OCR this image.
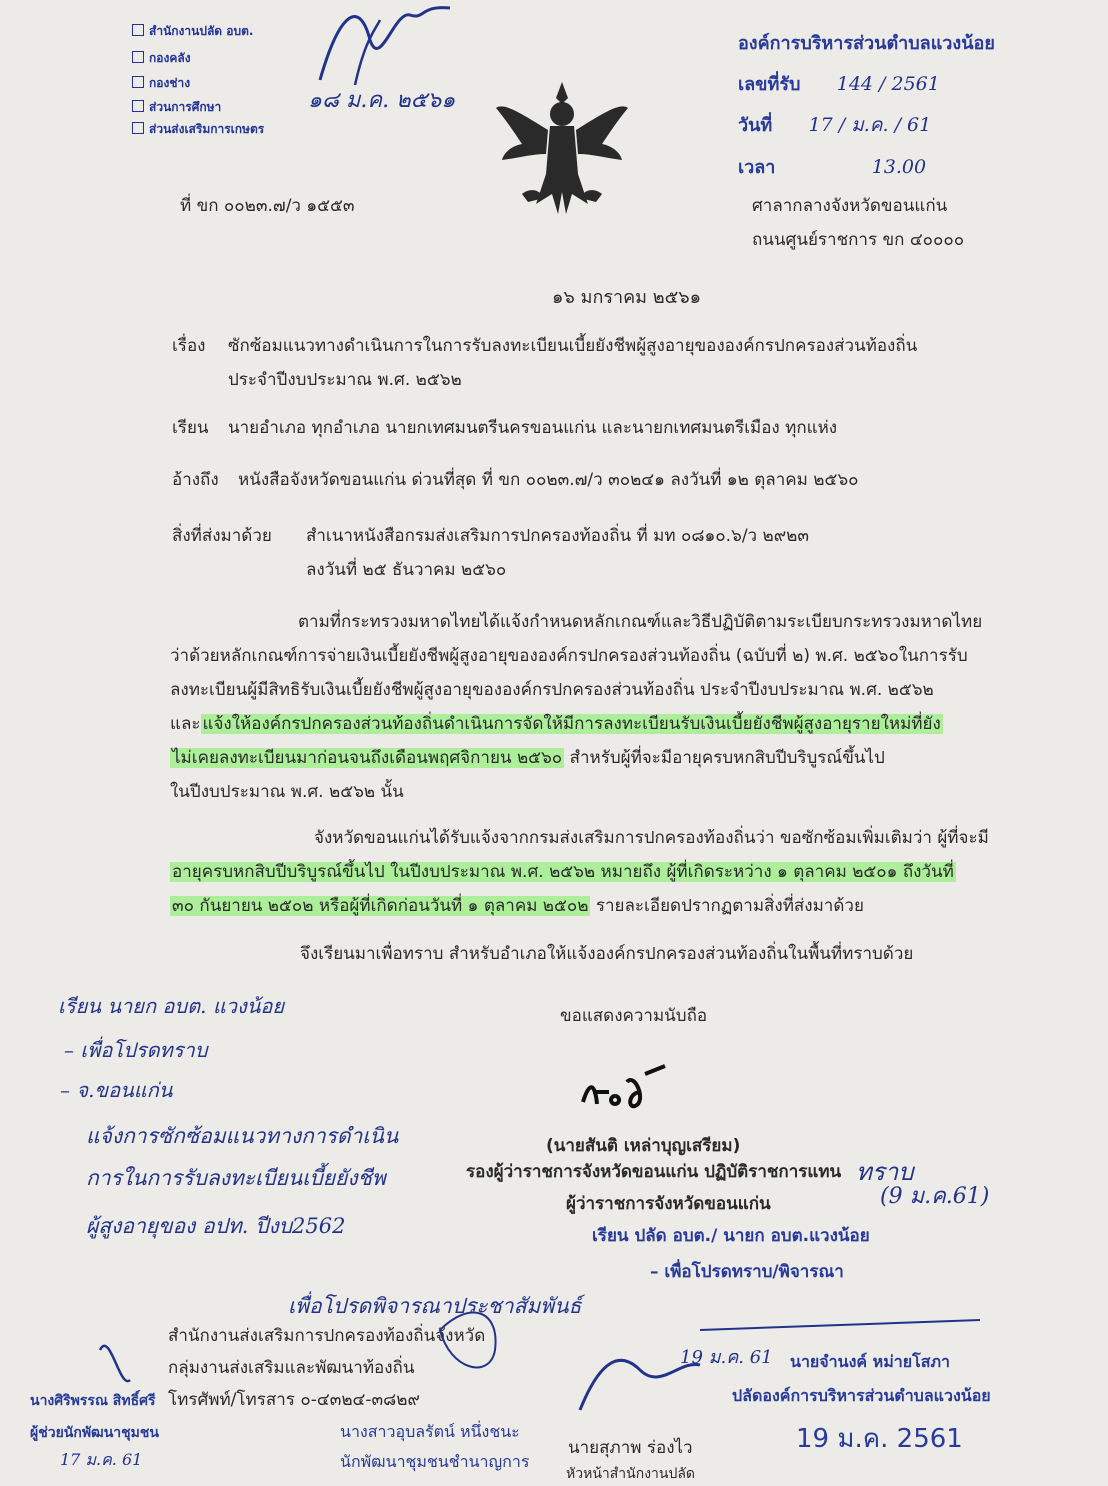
สำนักงานปลัด อบต.
กองคลัง
กองช่าง
ส่วนการศึกษา
ส่วนส่งเสริมการเกษตร
๑๘ ม.ค. ๒๕๖๑
องค์การบริหารส่วนตำบลแวงน้อย
เลขที่รับ 144 / 2561
วันที่ 17 / ม.ค. / 61
เวลา	13.00
ที่ ขก ๐๐๒๓.๗/ว ๑๕๕๓	ศาลากลางจังหวัดขอนแก่น
ถนนศูนย์ราชการ ขก ๔๐๐๐๐
๑๖ มกราคม ๒๕๖๑
เรื่อง ซักซ้อมแนวทางดำเนินการในการรับลงทะเบียนเบี้ยยังชีพผู้สูงอายุขององค์กรปกครองส่วนท้องถิ่น
ประจำปีงบประมาณ พ.ศ. ๒๕๖๒
เรียน นายอำเภอ ทุกอำเภอ นายกเทศมนตรีนครขอนแก่น และนายกเทศมนตรีเมือง ทุกแห่ง
อ้างถึง หนังสือจังหวัดขอนแก่น ด่วนที่สุด ที่ ขก ๐๐๒๓.๗/ว ๓๐๒๔๑ ลงวันที่ ๑๒ ตุลาคม ๒๕๖๐
สิ่งที่ส่งมาด้วย สำเนาหนังสือกรมส่งเสริมการปกครองท้องถิ่น ที่ มท ๐๘๑๐.๖/ว ๒๙๒๓
ลงวันที่ ๒๕ ธันวาคม ๒๕๖๐
ตามที่กระทรวงมหาดไทยได้แจ้งกำหนดหลักเกณฑ์และวิธีปฏิบัติตามระเบียบกระทรวงมหาดไทย
ว่าด้วยหลักเกณฑ์การจ่ายเงินเบี้ยยังชีพผู้สูงอายุขององค์กรปกครองส่วนท้องถิ่น (ฉบับที่ ๒) พ.ศ. ๒๕๖๐ในการรับ
ลงทะเบียนผู้มีสิทธิรับเงินเบี้ยยังชีพผู้สูงอายุขององค์กรปกครองส่วนท้องถิ่น ประจำปีงบประมาณ พ.ศ. ๒๕๖๒
และ แจ้งให้องค์กรปกครองส่วนท้องถิ่นดำเนินการจัดให้มีการลงทะเบียนรับเงินเบี้ยยังชีพผู้สูงอายุรายใหม่ที่ยัง
ไม่เคยลงทะเบียนมาก่อนจนถึงเดือนพฤศจิกายน ๒๕๖๐ สำหรับผู้ที่จะมีอายุครบหกสิบปีบริบูรณ์ขึ้นไป
ในปีงบประมาณ พ.ศ. ๒๕๖๒ นั้น
จังหวัดขอนแก่นได้รับแจ้งจากกรมส่งเสริมการปกครองท้องถิ่นว่า ขอซักซ้อมเพิ่มเติมว่า ผู้ที่จะมี
อายุครบหกสิบปีบริบูรณ์ขึ้นไป ในปีงบประมาณ พ.ศ. ๒๕๖๒ หมายถึง ผู้ที่เกิดระหว่าง ๑ ตุลาคม ๒๕๐๑ ถึงวันที่
๓๐ กันยายน ๒๕๐๒ หรือผู้ที่เกิดก่อนวันที่ ๑ ตุลาคม ๒๕๐๒ รายละเอียดปรากฏตามสิ่งที่ส่งมาด้วย
จึงเรียนมาเพื่อทราบ สำหรับอำเภอให้แจ้งองค์กรปกครองส่วนท้องถิ่นในพื้นที่ทราบด้วย
ขอแสดงความนับถือ
(นายสันติ เหล่าบุญเสรียม)
รองผู้ว่าราชการจังหวัดขอนแก่น ปฏิบัติราชการแทน
ผู้ว่าราชการจังหวัดขอนแก่น
เรียน นายก อบต. แวงน้อย
– เพื่อโปรดทราบ
– จ.ขอนแก่น
แจ้งการซักซ้อมแนวทางการดำเนิน
การในการรับลงทะเบียนเบี้ยยังชีพ
ผู้สูงอายุของ อปท. ปีงบ2562
ทราบ
(9 ม.ค.61)
เรียน ปลัด อบต./ นายก อบต.แวงน้อย
– เพื่อโปรดทราบ/พิจารณา
เพื่อโปรดพิจารณาประชาสัมพันธ์
สำนักงานส่งเสริมการปกครองท้องถิ่นจังหวัด
กลุ่มงานส่งเสริมและพัฒนาท้องถิ่น
โทรศัพท์/โทรสาร ๐-๔๓๒๔-๓๘๒๙
นางศิริพรรณ สิทธิ์ศรี
ผู้ช่วยนักพัฒนาชุมชน
17 ม.ค. 61
นางสาวอุบลรัตน์ หนึ่งชนะ
นักพัฒนาชุมชนชำนาญการ
นายสุภาพ ร่องไว
หัวหน้าสำนักงานปลัด
19 ม.ค. 61 นายจำนงค์ หม่ายโสภา
ปลัดองค์การบริหารส่วนตำบลแวงน้อย
19 ม.ค. 2561
